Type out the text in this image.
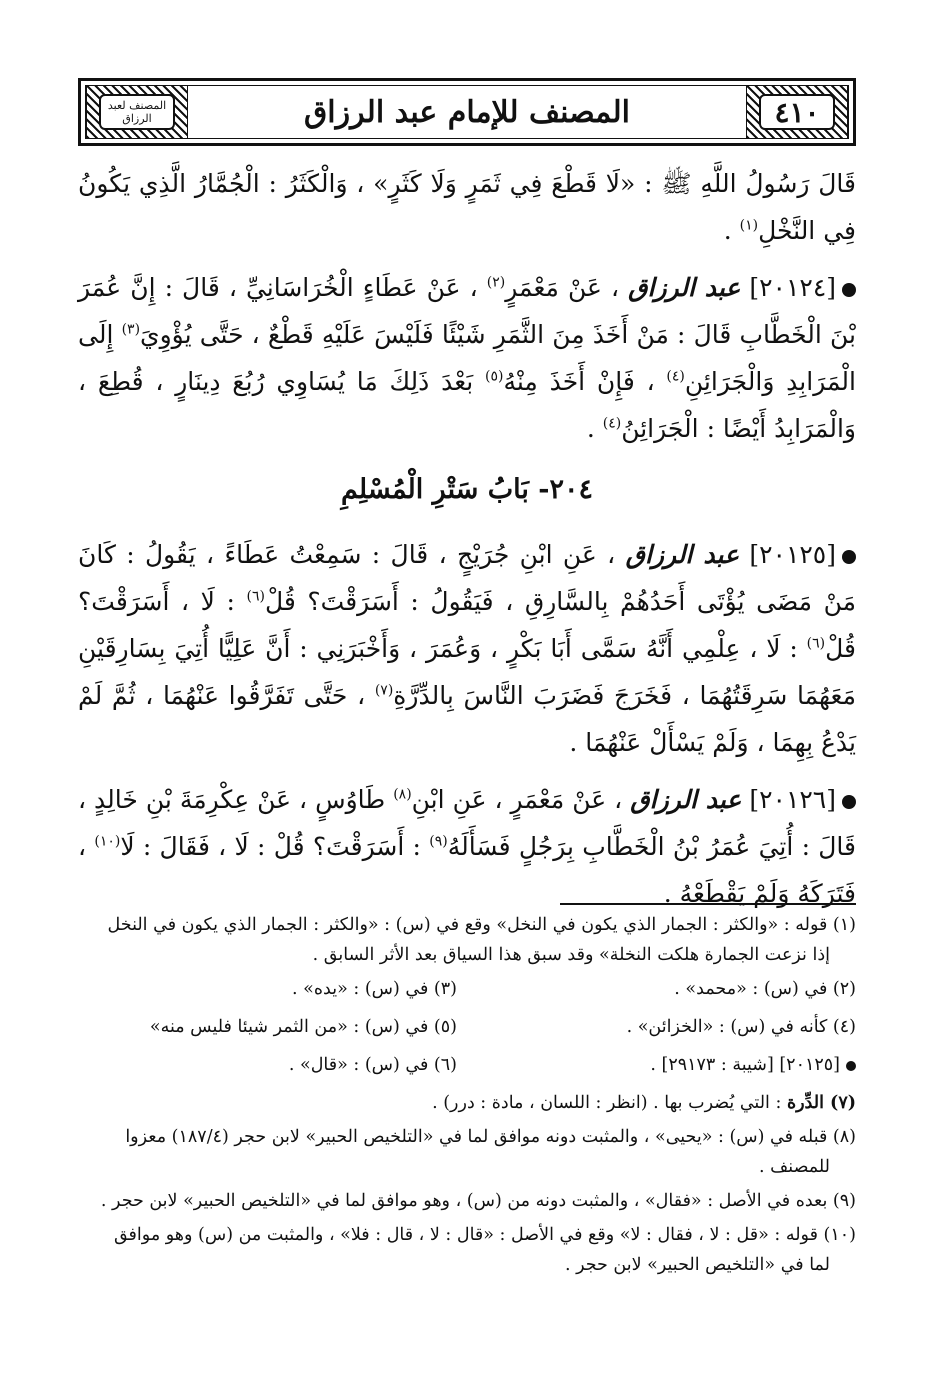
المصنف لعبد الرزاق	المصنف للإمام عبد الرزاق	٤١٠

قَالَ رَسُولُ اللَّهِ ﷺ : «لَا قَطْعَ فِي ثَمَرٍ وَلَا كَثَرٍ» ، وَالْكَثَرُ : الْجُمَّارُ الَّذِي يَكُونُ فِي النَّخْلِ$^{(١)}$ .

[٢٠١٢٤] عبد الرزاق ، عَنْ مَعْمَرٍ$^{(٢)}$ ، عَنْ عَطَاءٍ الْخُرَاسَانِيِّ ، قَالَ : إِنَّ عُمَرَ بْنَ الْخَطَّابِ قَالَ : مَنْ أَخَذَ مِنَ الثَّمَرِ شَيْئًا فَلَيْسَ عَلَيْهِ قَطْعٌ ، حَتَّى يُؤْوِيَ$^{(٣)}$ إِلَى الْمَرَابِدِ وَالْجَرَائِنِ$^{(٤)}$ ، فَإِنْ أَخَذَ مِنْهُ$^{(٥)}$ بَعْدَ ذَلِكَ مَا يُسَاوِي رُبُعَ دِينَارٍ ، قُطِعَ ، وَالْمَرَابِدُ أَيْضًا : الْجَرَائِنُ$^{(٤)}$ .

٢٠٤- بَابُ سَتْرِ الْمُسْلِمِ

[٢٠١٢٥] عبد الرزاق ، عَنِ ابْنِ جُرَيْجٍ ، قَالَ : سَمِعْتُ عَطَاءً ، يَقُولُ : كَانَ مَنْ مَضَى يُؤْتَى أَحَدُهُمْ بِالسَّارِقِ ، فَيَقُولُ : أَسَرَقْتَ؟ قُلْ$^{(٦)}$ : لَا ، أَسَرَقْتَ؟ قُلْ$^{(٦)}$ : لَا ، عِلْمِي أَنَّهُ سَمَّى أَبَا بَكْرٍ ، وَعُمَرَ ، وَأَخْبَرَنِي : أَنَّ عَلِيًّا أُتِيَ بِسَارِقَيْنِ مَعَهُمَا سَرِقَتُهُمَا ، فَخَرَجَ فَضَرَبَ النَّاسَ بِالدِّرَّةِ$^{(٧)}$ ، حَتَّى تَفَرَّقُوا عَنْهُمَا ، ثُمَّ لَمْ يَدْعُ بِهِمَا ، وَلَمْ يَسْأَلْ عَنْهُمَا .

[٢٠١٢٦] عبد الرزاق ، عَنْ مَعْمَرٍ ، عَنِ ابْنِ$^{(٨)}$ طَاوُسٍ ، عَنْ عِكْرِمَةَ بْنِ خَالِدٍ ، قَالَ : أُتِيَ عُمَرُ بْنُ الْخَطَّابِ بِرَجُلٍ فَسَأَلَهُ$^{(٩)}$ : أَسَرَقْتَ؟ قُلْ : لَا ، فَقَالَ : لَا$^{(١٠)}$ ، فَتَرَكَهُ وَلَمْ يَقْطَعْهُ .

(١) قوله : «والكثر : الجمار الذي يكون في النخل» وقع في (س) : «والكثر : الجمار الذي يكون في النخل
إذا نزعت الجمارة هلكت النخلة» وقد سبق هذا السياق بعد الأثر السابق .
(٢) في (س) : «محمد» .
(٣) في (س) : «يده» .
(٤) كأنه في (س) : «الخزائن» .
(٥) في (س) : «من الثمر شيئا فليس منه»
[٢٠١٢٥] [شيبة : ٢٩١٧٣] .
(٦) في (س) : «قال» .
(٧) الدِّرة : التي يُضرب بها . (انظر : اللسان ، مادة : درر) .
(٨) قبله في (س) : «يحيى» ، والمثبت دونه موافق لما في «التلخيص الحبير» لابن حجر (١٨٧/٤) معزوا
للمصنف .
(٩) بعده في الأصل : «فقال» ، والمثبت دونه من (س) ، وهو موافق لما في «التلخيص الحبير» لابن حجر .
(١٠) قوله : «قل : لا ، فقال : لا» وقع في الأصل : «قال : لا ، قال : فلا» ، والمثبت من (س) وهو موافق
لما في «التلخيص الحبير» لابن حجر .
